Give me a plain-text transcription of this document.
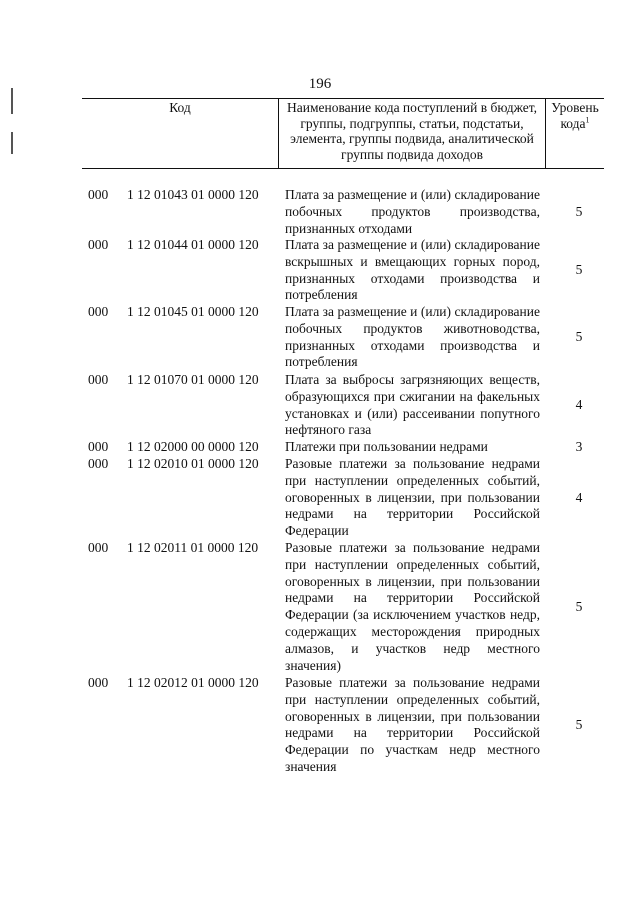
196
Код	Наименование кода поступлений в бюджет, группы, подгруппы, статьи, подстатьи, элемента, группы подвида, аналитической группы подвида доходов
Уровень кода$^1$
000 1 12 01043 01 0000 120 Плата за размещение и (или) складирование побочных продуктов производства, признанных отходами
5
000 1 12 01044 01 0000 120 Плата за размещение и (или) складирование вскрышных и вмещающих горных пород, признанных отходами производства и потребления
5
000 1 12 01045 01 0000 120 Плата за размещение и (или) складирование побочных продуктов животноводства, признанных отходами производства и потребления
5
000 1 12 01070 01 0000 120 Плата за выбросы загрязняющих веществ, образующихся при сжигании на факельных установках и (или) рассеивании попутного нефтяного газа
4
000 1 12 02000 00 0000 120 Платежи при пользовании недрами	3
000 1 12 02010 01 0000 120 Разовые платежи за пользование недрами при наступлении определенных событий, оговоренных в лицензии, при пользовании недрами на территории Российской Федерации
4
000 1 12 02011 01 0000 120 Разовые платежи за пользование недрами при наступлении определенных событий, оговоренных в лицензии, при пользовании недрами на территории Российской Федерации (за исключением участков недр, содержащих месторождения природных алмазов, и участков недр местного значения)
5
000 1 12 02012 01 0000 120 Разовые платежи за пользование недрами при наступлении определенных событий, оговоренных в лицензии, при пользовании недрами на территории Российской Федерации по участкам недр местного значения
5
